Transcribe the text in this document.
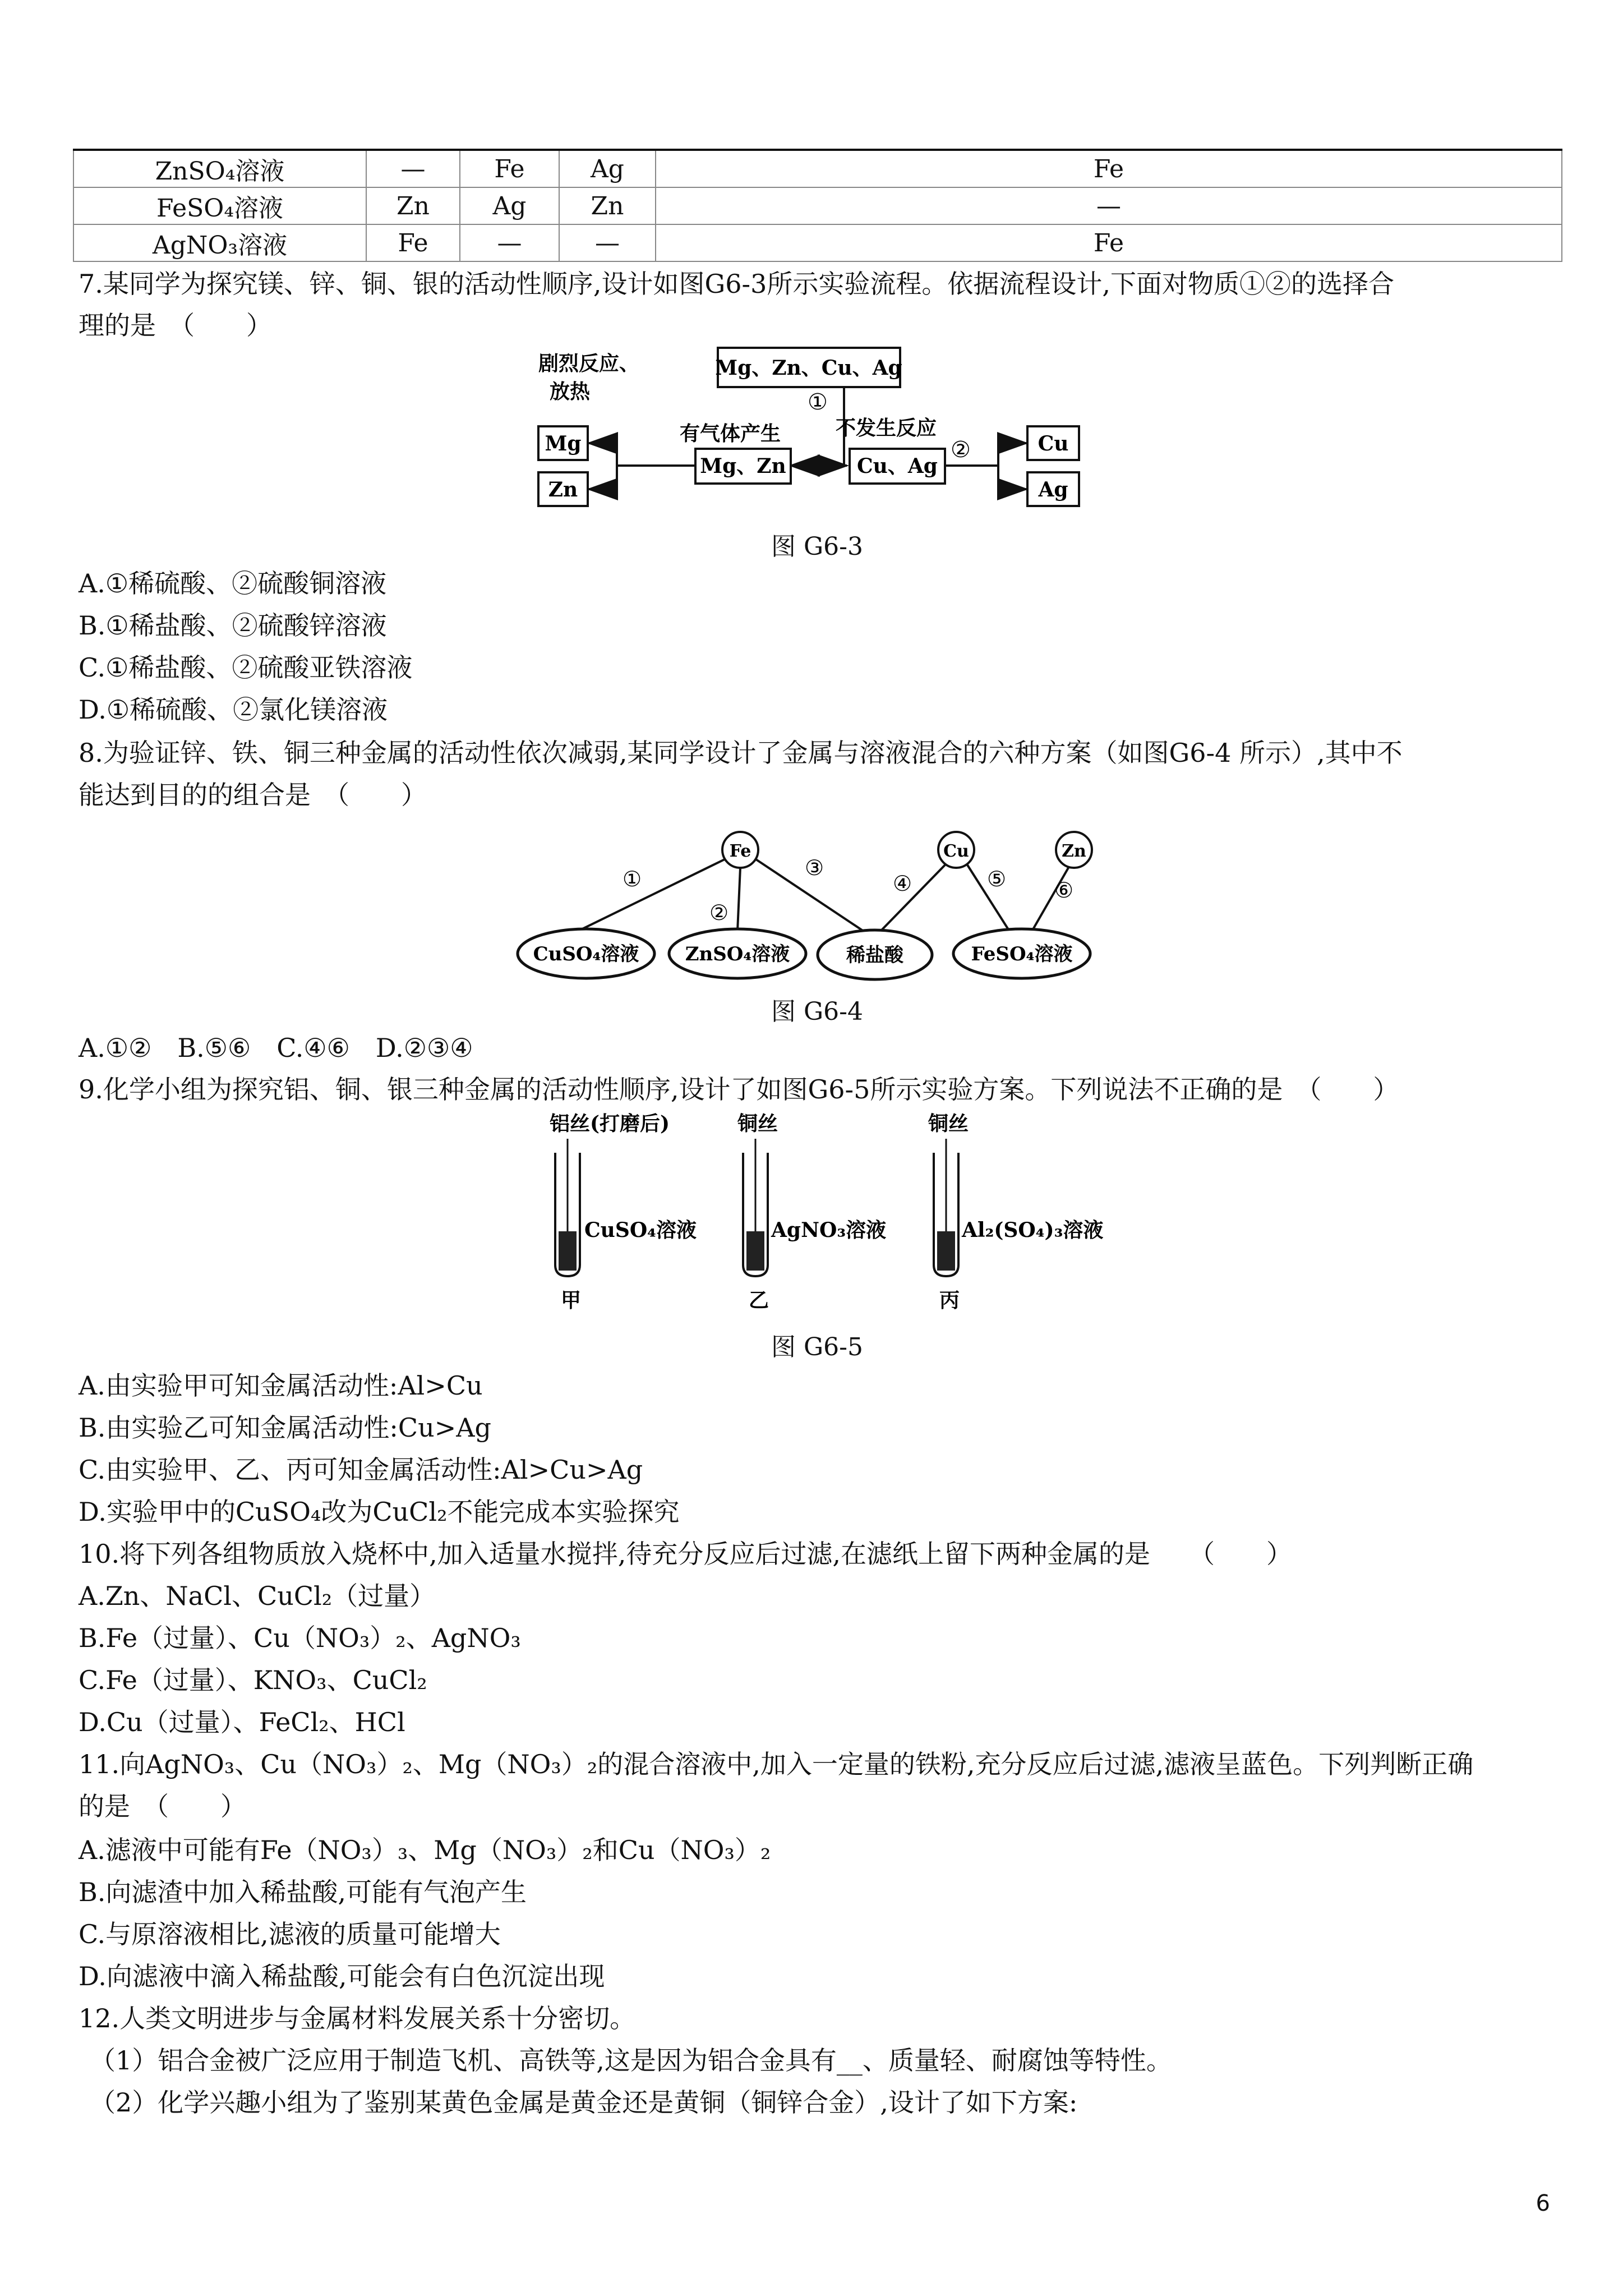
ZnSO₄溶液	—	Fe	Ag	Fe
FeSO₄溶液	Zn	Ag	Zn	—
AgNO₃溶液	Fe	—	—	Fe
7.某同学为探究镁、锌、铜、银的活动性顺序,设计如图G6-3所示实验流程。依据流程设计,下面对物质①②的选择合
理的是　（　　）
Mg、Zn、Cu、Ag
①
剧烈反应、
放热
有气体产生	不发生反应
Mg、Zn	Cu、Ag
Mg
Zn
②	Cu
Ag
图 G6-3
A.①稀硫酸、②硫酸铜溶液
B.①稀盐酸、②硫酸锌溶液
C.①稀盐酸、②硫酸亚铁溶液
D.①稀硫酸、②氯化镁溶液
8.为验证锌、铁、铜三种金属的活动性依次减弱,某同学设计了金属与溶液混合的六种方案（如图G6-4 所示）,其中不
能达到目的的组合是　（　　）
Fe	Cu	Zn
①
②
③
④	⑤ ⑥
CuSO₄溶液 ZnSO₄溶液	稀盐酸	FeSO₄溶液
图 G6-4
A.①②　B.⑤⑥　C.④⑥　D.②③④
9.化学小组为探究铝、铜、银三种金属的活动性顺序,设计了如图G6-5所示实验方案。下列说法不正确的是　（　　）
铝丝(打磨后)
CuSO₄溶液
甲
铜丝
AgNO₃溶液
乙
铜丝
Al₂(SO₄)₃溶液
丙
图 G6-5
A.由实验甲可知金属活动性:Al>Cu
B.由实验乙可知金属活动性:Cu>Ag
C.由实验甲、乙、丙可知金属活动性:Al>Cu>Ag
D.实验甲中的CuSO₄改为CuCl₂不能完成本实验探究
10.将下列各组物质放入烧杯中,加入适量水搅拌,待充分反应后过滤,在滤纸上留下两种金属的是　　（　　）
A.Zn、NaCl、CuCl₂（过量）
B.Fe（过量）、Cu（NO₃）₂、AgNO₃
C.Fe（过量）、KNO₃、CuCl₂
D.Cu（过量）、FeCl₂、HCl
11.向AgNO₃、Cu（NO₃）₂、Mg（NO₃）₂的混合溶液中,加入一定量的铁粉,充分反应后过滤,滤液呈蓝色。下列判断正确
的是　（　　）
A.滤液中可能有Fe（NO₃）₃、Mg（NO₃）₂和Cu（NO₃）₂
B.向滤渣中加入稀盐酸,可能有气泡产生
C.与原溶液相比,滤液的质量可能增大
D.向滤液中滴入稀盐酸,可能会有白色沉淀出现
12.人类文明进步与金属材料发展关系十分密切。
（1）铝合金被广泛应用于制造飞机、高铁等,这是因为铝合金具有__、质量轻、耐腐蚀等特性。
（2）化学兴趣小组为了鉴别某黄色金属是黄金还是黄铜（铜锌合金）,设计了如下方案:
6
